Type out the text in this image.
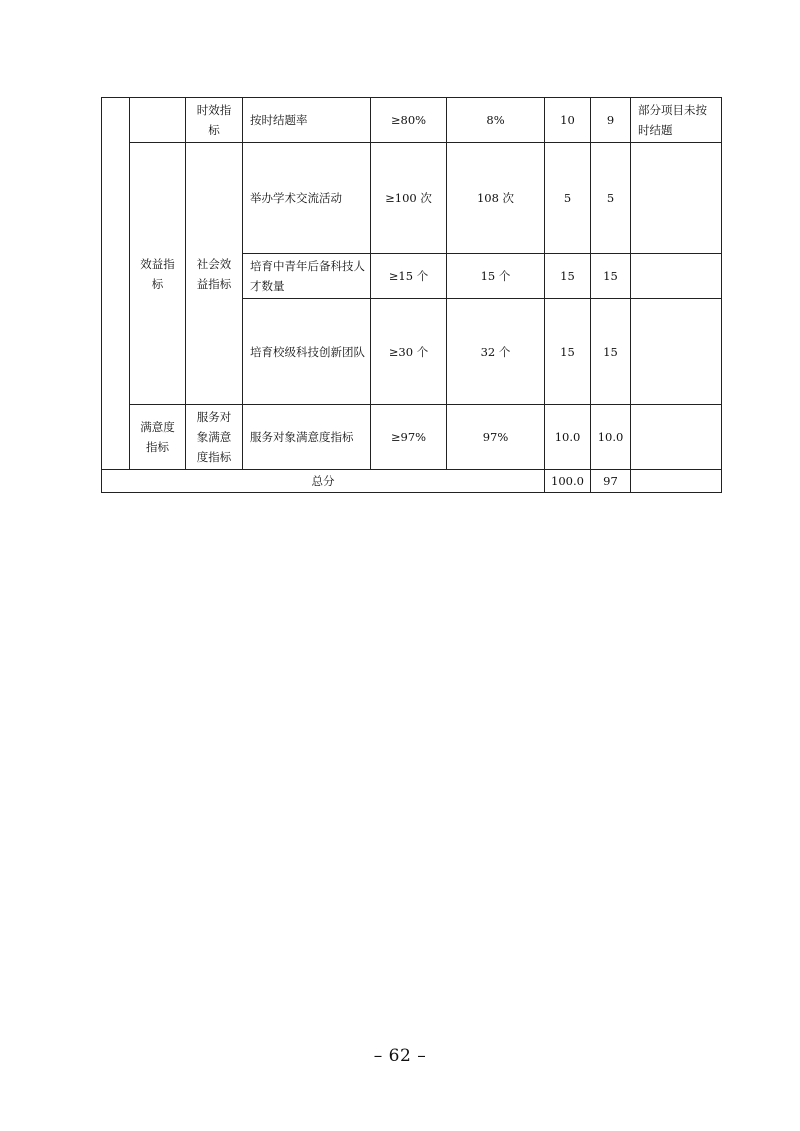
		时效指标	按时结题率	≥80%	8%	10	9	部分项目未按时结题
	效益指标	社会效益指标	举办学术交流活动	≥100 次	108 次	5	5	
			培育中青年后备科技人才数量	≥15 个	15 个	15	15	
			培育校级科技创新团队	≥30 个	32 个	15	15	
	满意度指标	服务对象满意度指标	服务对象满意度指标	≥97%	97%	10.0	10.0	
总分						100.0	97	
– 62 –
